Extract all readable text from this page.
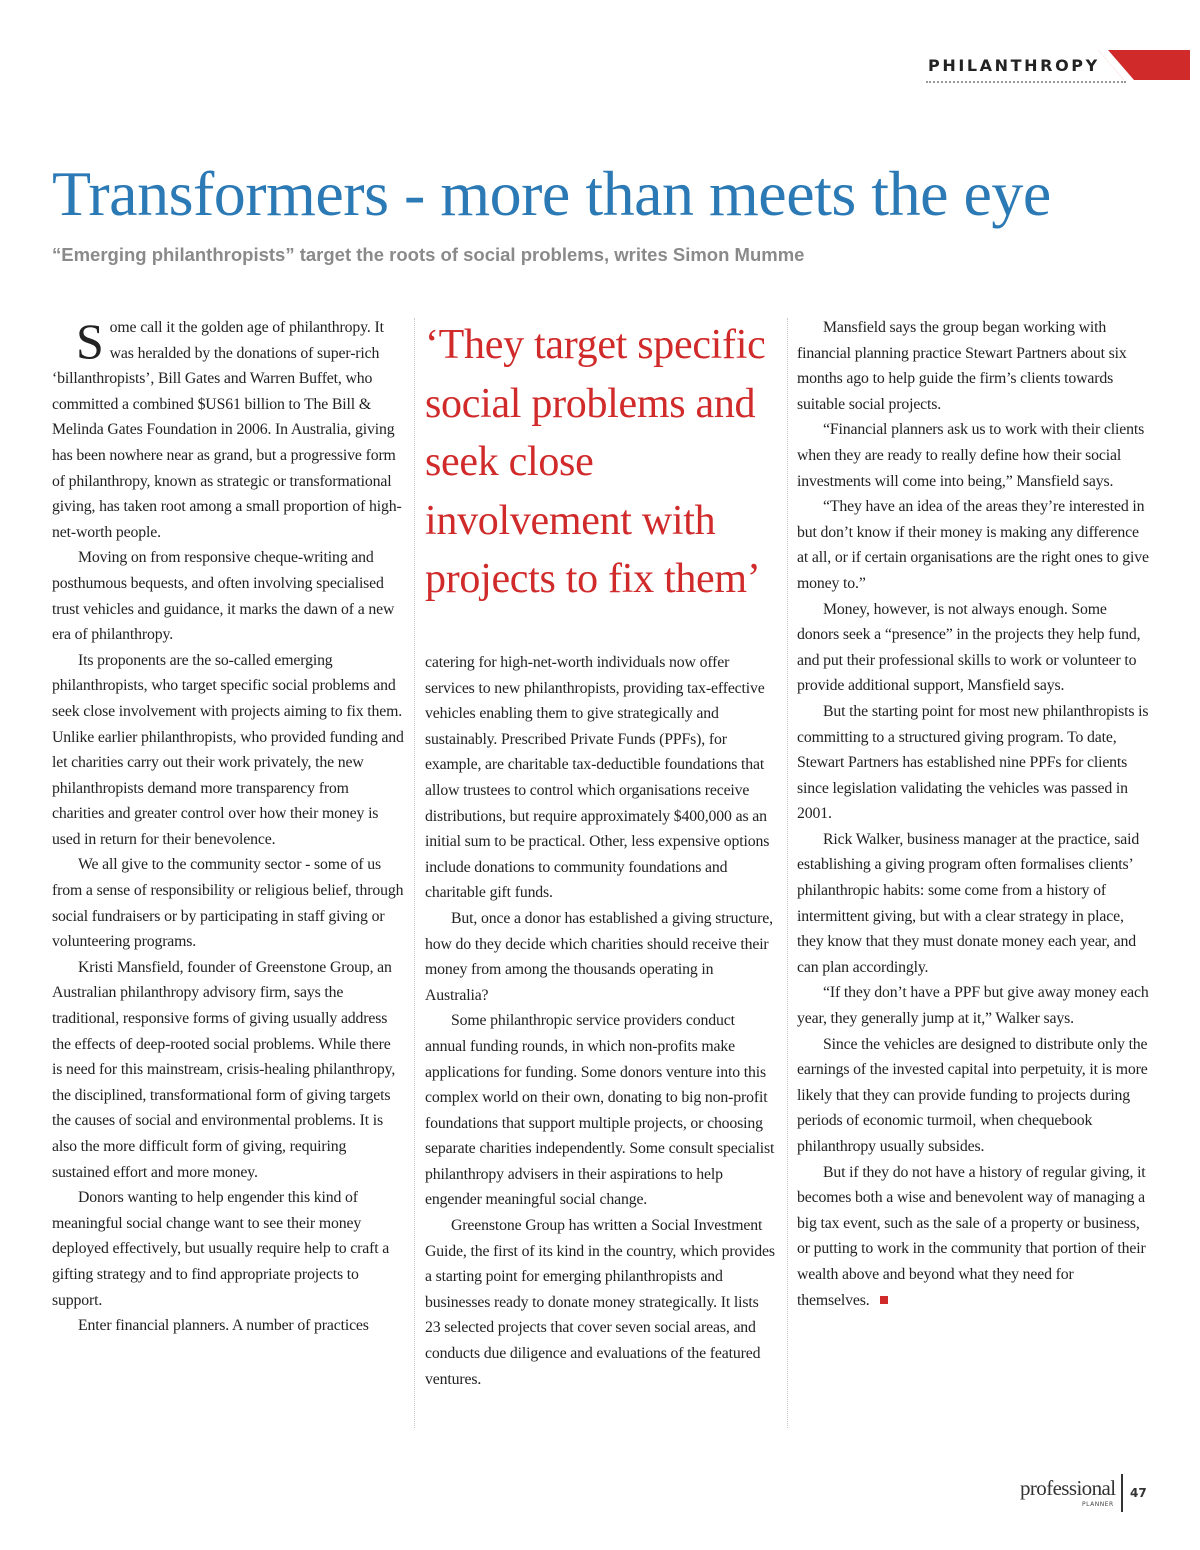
PHILANTHROPY
Transformers - more than meets the eye

“Emerging philanthropists” target the roots of social problems, writes Simon Mumme

Some call it the golden age of philanthropy. It was heralded by the donations of super-rich ‘billanthropists’, Bill Gates and Warren Buffet, who committed a combined $US61 billion to The Bill & Melinda Gates Foundation in 2006. In Australia, giving has been nowhere near as grand, but a progressive form of philanthropy, known as strategic or transformational giving, has taken root among a small proportion of high-net-worth people.

Moving on from responsive cheque-writing and posthumous bequests, and often involving specialised trust vehicles and guidance, it marks the dawn of a new era of philanthropy.

Its proponents are the so-called emerging philanthropists, who target specific social problems and seek close involvement with projects aiming to fix them. Unlike earlier philanthropists, who provided funding and let charities carry out their work privately, the new philanthropists demand more transparency from charities and greater control over how their money is used in return for their benevolence.

We all give to the community sector - some of us from a sense of responsibility or religious belief, through social fundraisers or by participating in staff giving or volunteering programs.

Kristi Mansfield, founder of Greenstone Group, an Australian philanthropy advisory firm, says the traditional, responsive forms of giving usually address the effects of deep-rooted social problems. While there is need for this mainstream, crisis-healing philanthropy, the disciplined, transformational form of giving targets the causes of social and environmental problems. It is also the more difficult form of giving, requiring sustained effort and more money.

Donors wanting to help engender this kind of meaningful social change want to see their money deployed effectively, but usually require help to craft a gifting strategy and to find appropriate projects to support.

Enter financial planners. A number of practices

‘They target specific social problems and seek close involvement with projects to fix them’

catering for high-net-worth individuals now offer services to new philanthropists, providing tax-effective vehicles enabling them to give strategically and sustainably. Prescribed Private Funds (PPFs), for example, are charitable tax-deductible foundations that allow trustees to control which organisations receive distributions, but require approximately $400,000 as an initial sum to be practical. Other, less expensive options include donations to community foundations and charitable gift funds.

But, once a donor has established a giving structure, how do they decide which charities should receive their money from among the thousands operating in Australia?

Some philanthropic service providers conduct annual funding rounds, in which non-profits make applications for funding. Some donors venture into this complex world on their own, donating to big non-profit foundations that support multiple projects, or choosing separate charities independently. Some consult specialist philanthropy advisers in their aspirations to help engender meaningful social change.

Greenstone Group has written a Social Investment Guide, the first of its kind in the country, which provides a starting point for emerging philanthropists and businesses ready to donate money strategically. It lists 23 selected projects that cover seven social areas, and conducts due diligence and evaluations of the featured ventures.

Mansfield says the group began working with financial planning practice Stewart Partners about six months ago to help guide the firm’s clients towards suitable social projects.

“Financial planners ask us to work with their clients when they are ready to really define how their social investments will come into being,” Mansfield says.

“They have an idea of the areas they’re interested in but don’t know if their money is making any difference at all, or if certain organisations are the right ones to give money to.”

Money, however, is not always enough. Some donors seek a “presence” in the projects they help fund, and put their professional skills to work or volunteer to provide additional support, Mansfield says.

But the starting point for most new philanthropists is committing to a structured giving program. To date, Stewart Partners has established nine PPFs for clients since legislation validating the vehicles was passed in 2001.

Rick Walker, business manager at the practice, said establishing a giving program often formalises clients’ philanthropic habits: some come from a history of intermittent giving, but with a clear strategy in place, they know that they must donate money each year, and can plan accordingly.

“If they don’t have a PPF but give away money each year, they generally jump at it,” Walker says.

Since the vehicles are designed to distribute only the earnings of the invested capital into perpetuity, it is more likely that they can provide funding to projects during periods of economic turmoil, when chequebook philanthropy usually subsides.

But if they do not have a history of regular giving, it becomes both a wise and benevolent way of managing a big tax event, such as the sale of a property or business, or putting to work in the community that portion of their wealth above and beyond what they need for themselves.

professional
PLANNER
47
